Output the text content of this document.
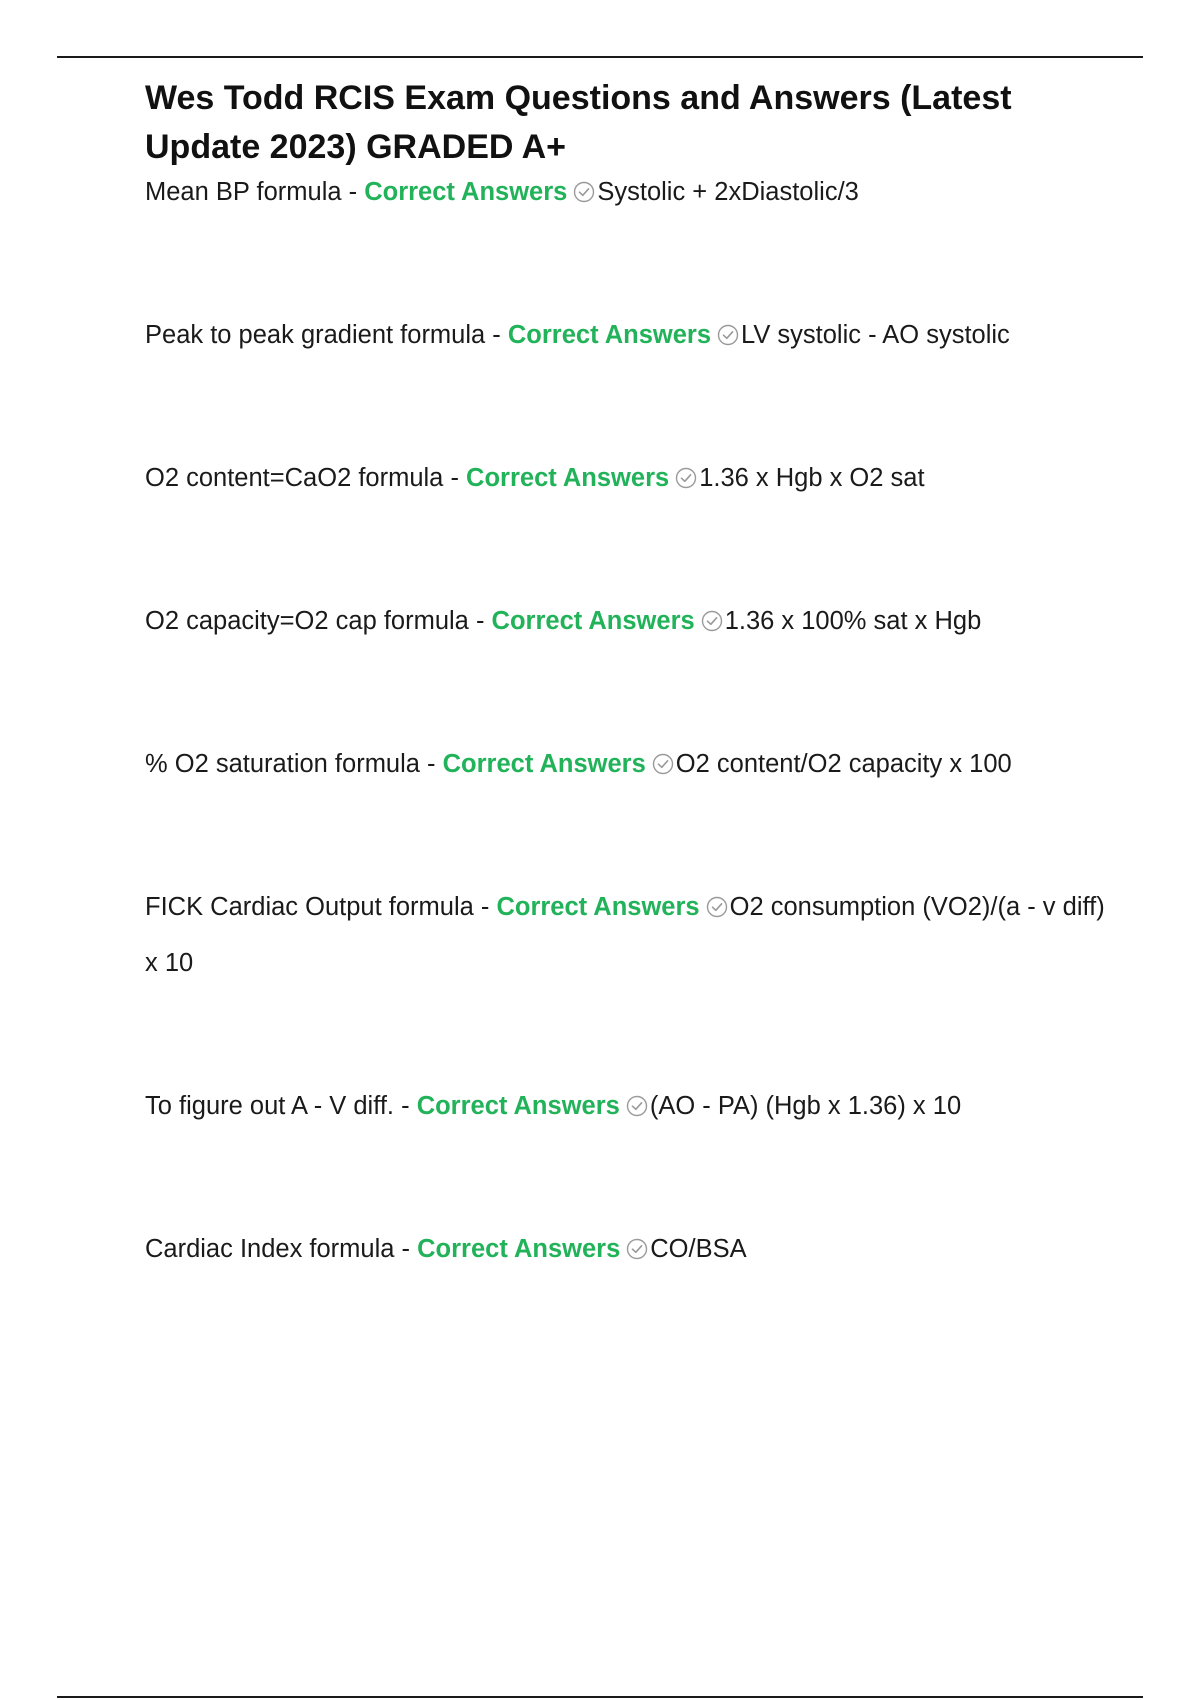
Wes Todd RCIS Exam Questions and Answers (Latest Update 2023) GRADED A+
Mean BP formula - Correct Answers Systolic + 2xDiastolic/3
Peak to peak gradient formula - Correct Answers LV systolic - AO systolic
O2 content=CaO2 formula - Correct Answers 1.36 x Hgb x O2 sat
O2 capacity=O2 cap formula - Correct Answers 1.36 x 100% sat x Hgb
% O2 saturation formula - Correct Answers O2 content/O2 capacity x 100
FICK Cardiac Output formula - Correct Answers O2 consumption (VO2)/(a - v diff) x 10
To figure out A - V diff. - Correct Answers (AO - PA) (Hgb x 1.36) x 10
Cardiac Index formula - Correct Answers CO/BSA
